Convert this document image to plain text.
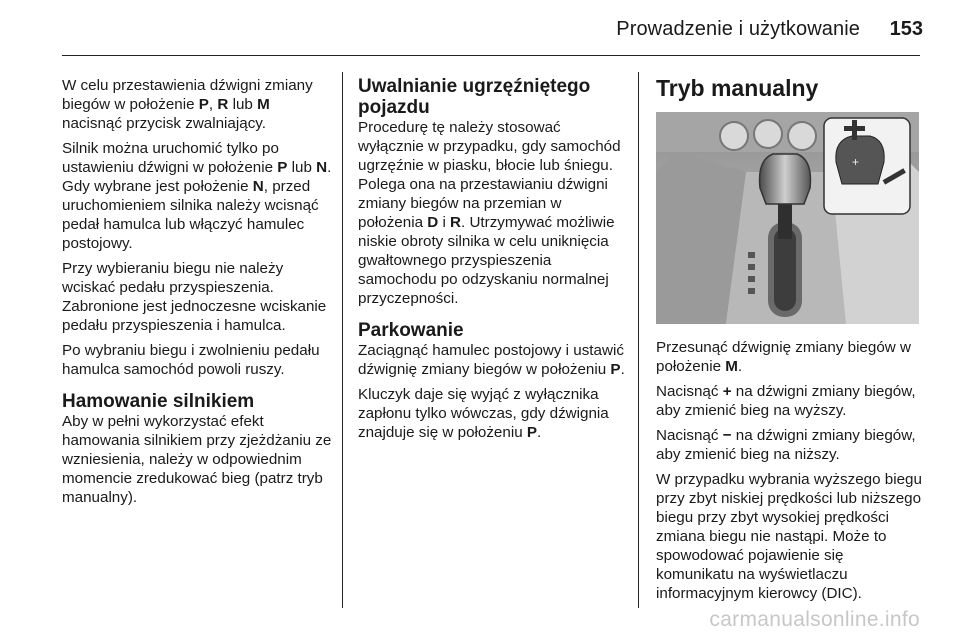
Prowadzenie i użytkowanie	153

W celu przestawienia dźwigni zmiany biegów w położenie P, R lub M
nacisnąć przycisk zwalniający.

Silnik można uruchomić tylko po ustawieniu dźwigni w położenie P lub N. Gdy wybrane jest położenie N, przed uruchomieniem silnika należy wcisnąć pedał hamulca lub włączyć hamulec postojowy.

Przy wybieraniu biegu nie należy wciskać pedału przyspieszenia. Zabronione jest jednoczesne wciskanie pedału przyspieszenia i hamulca.

Po wybraniu biegu i zwolnieniu pedału hamulca samochód powoli ruszy.

Hamowanie silnikiem

Aby w pełni wykorzystać efekt hamowania silnikiem przy zjeżdżaniu ze wzniesienia, należy w odpowiednim momencie zredukować bieg (patrz tryb manualny).

Uwalnianie ugrzęźniętego pojazdu

Procedurę tę należy stosować wyłącznie w przypadku, gdy samochód ugrzęźnie w piasku, błocie lub śniegu. Polega ona na przestawianiu dźwigni zmiany biegów na przemian w położenia D i R. Utrzymywać możliwie niskie obroty silnika w celu uniknięcia gwałtownego przyspieszenia samochodu po odzyskaniu normalnej przyczepności.

Parkowanie

Zaciągnąć hamulec postojowy i ustawić dźwignię zmiany biegów w położeniu P.

Kluczyk daje się wyjąć z wyłącznika zapłonu tylko wówczas, gdy dźwignia znajduje się w położeniu P.

Tryb manualny
+

Przesunąć dźwignię zmiany biegów w położenie M.

Nacisnąć + na dźwigni zmiany biegów, aby zmienić bieg na wyższy.

Nacisnąć − na dźwigni zmiany biegów, aby zmienić bieg na niższy.

W przypadku wybrania wyższego biegu przy zbyt niskiej prędkości lub niższego biegu przy zbyt wysokiej prędkości zmiana biegu nie nastąpi. Może to spowodować pojawienie się komunikatu na wyświetlaczu informacyjnym kierowcy (DIC).

carmanualsonline.info
